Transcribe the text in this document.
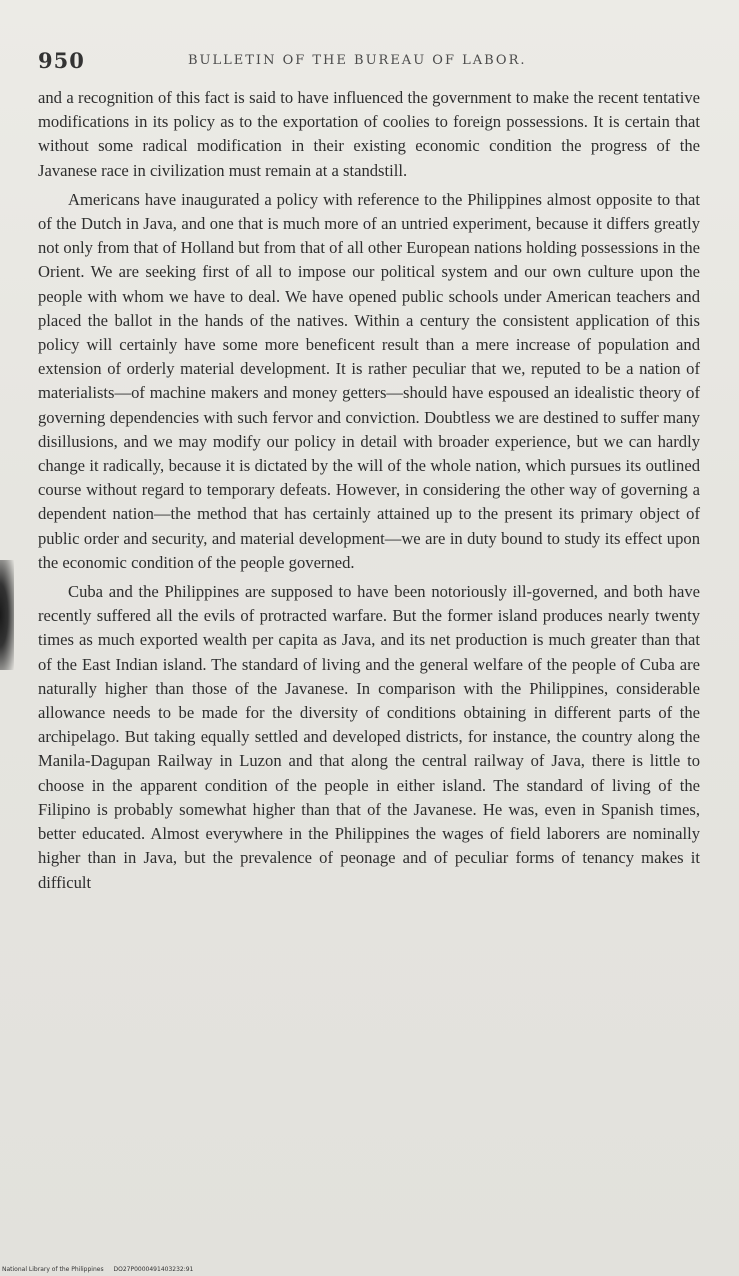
950	BULLETIN OF THE BUREAU OF LABOR.

and a recognition of this fact is said to have influenced the government to make the recent tentative modifications in its policy as to the exportation of coolies to foreign possessions. It is certain that without some radical modification in their existing economic condition the progress of the Javanese race in civilization must remain at a standstill.

Americans have inaugurated a policy with reference to the Philippines almost opposite to that of the Dutch in Java, and one that is much more of an untried experiment, because it differs greatly not only from that of Holland but from that of all other European nations holding possessions in the Orient. We are seeking first of all to impose our political system and our own culture upon the people with whom we have to deal. We have opened public schools under American teachers and placed the ballot in the hands of the natives. Within a century the consistent application of this policy will certainly have some more beneficent result than a mere increase of population and extension of orderly material development. It is rather peculiar that we, reputed to be a nation of materialists—of machine makers and money getters—should have espoused an idealistic theory of governing dependencies with such fervor and conviction. Doubtless we are destined to suffer many disillusions, and we may modify our policy in detail with broader experience, but we can hardly change it radically, because it is dictated by the will of the whole nation, which pursues its outlined course without regard to temporary defeats. However, in considering the other way of governing a dependent nation—the method that has certainly attained up to the present its primary object of public order and security, and material development—we are in duty bound to study its effect upon the economic condition of the people governed.

Cuba and the Philippines are supposed to have been notoriously ill-governed, and both have recently suffered all the evils of protracted warfare. But the former island produces nearly twenty times as much exported wealth per capita as Java, and its net production is much greater than that of the East Indian island. The standard of living and the general welfare of the people of Cuba are naturally higher than those of the Javanese. In comparison with the Philippines, considerable allowance needs to be made for the diversity of conditions obtaining in different parts of the archipelago. But taking equally settled and developed districts, for instance, the country along the Manila-Dagupan Railway in Luzon and that along the central railway of Java, there is little to choose in the apparent condition of the people in either island. The standard of living of the Filipino is probably somewhat higher than that of the Javanese. He was, even in Spanish times, better educated. Almost everywhere in the Philippines the wages of field laborers are nominally higher than in Java, but the prevalence of peonage and of peculiar forms of tenancy makes it difficult

National Library of the Philippines DO27P0000491403232:91
